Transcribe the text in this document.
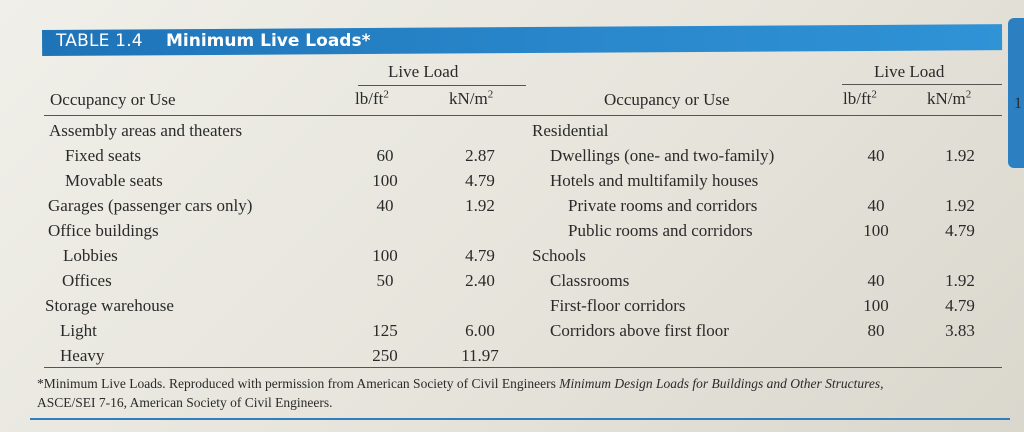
1
TABLE 1.4 Minimum Live Loads*
Live Load
Occupancy or Use	$lb/ft^2$	$kN/m^2$
Live Load
Occupancy or Use	$lb/ft^2$	$kN/m^2$
Assembly areas and theaters
Fixed seats	60	2.87
Movable seats	100	4.79
Garages (passenger cars only)	40	1.92
Office buildings
Lobbies	100	4.79
Offices	50	2.40
Storage warehouse
Light	125	6.00
Heavy	250	11.97
Residential
Dwellings (one- and two-family)	40	1.92
Hotels and multifamily houses
Private rooms and corridors	40	1.92
Public rooms and corridors	100	4.79
Schools
Classrooms	40	1.92
First-floor corridors	100	4.79
Corridors above first floor	80	3.83
*Minimum Live Loads. Reproduced with permission from American Society of Civil Engineers Minimum Design Loads for Buildings and Other Structures,
ASCE/SEI 7-16, American Society of Civil Engineers.
